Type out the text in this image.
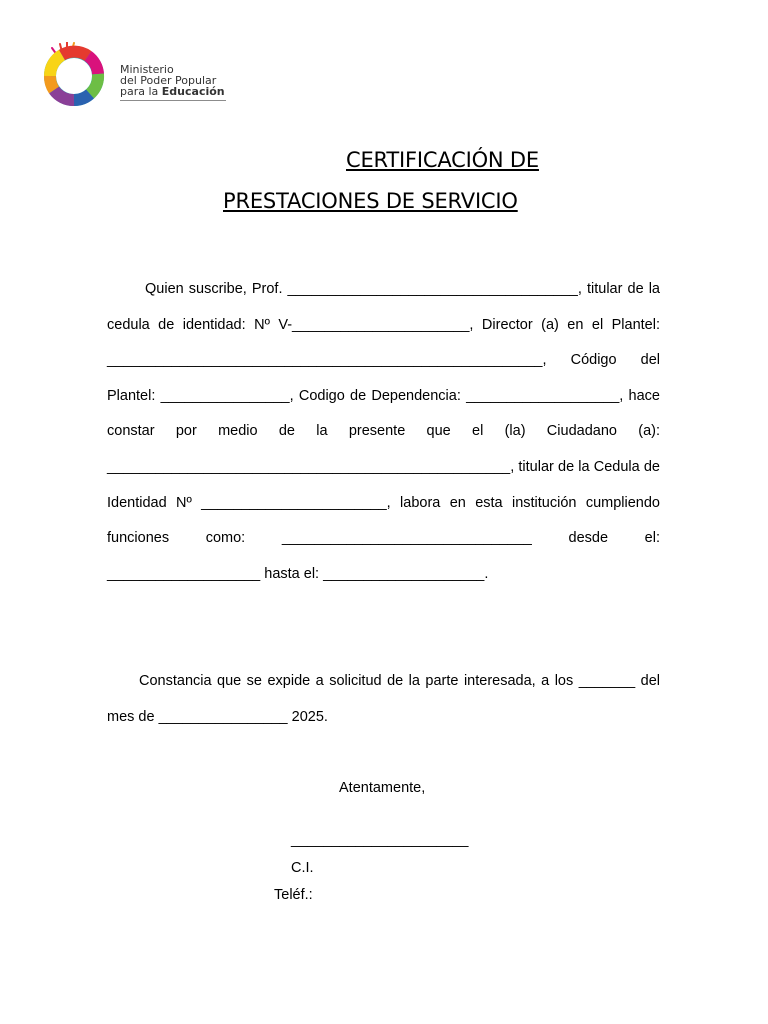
Ministerio
del Poder Popular
para la Educación
CERTIFICACIÓN DE
PRESTACIONES DE SERVICIO
Quien suscribe, Prof. ____________________________________, titular de la cedula de identidad: Nº V-______________________, Director (a) en el Plantel: ______________________________________________________, Código del Plantel: ________________, Codigo de Dependencia: ___________________, hace constar por medio de la presente que el (la) Ciudadano (a): __________________________________________________, titular de la Cedula de Identidad Nº _______________________, labora en esta institución cumpliendo funciones como: _______________________________ desde el: ___________________ hasta el: ____________________.
Constancia que se expide a solicitud de la parte interesada, a los _______ del mes de ________________ 2025.
Atentamente,
______________________
C.I.
Teléf.:
